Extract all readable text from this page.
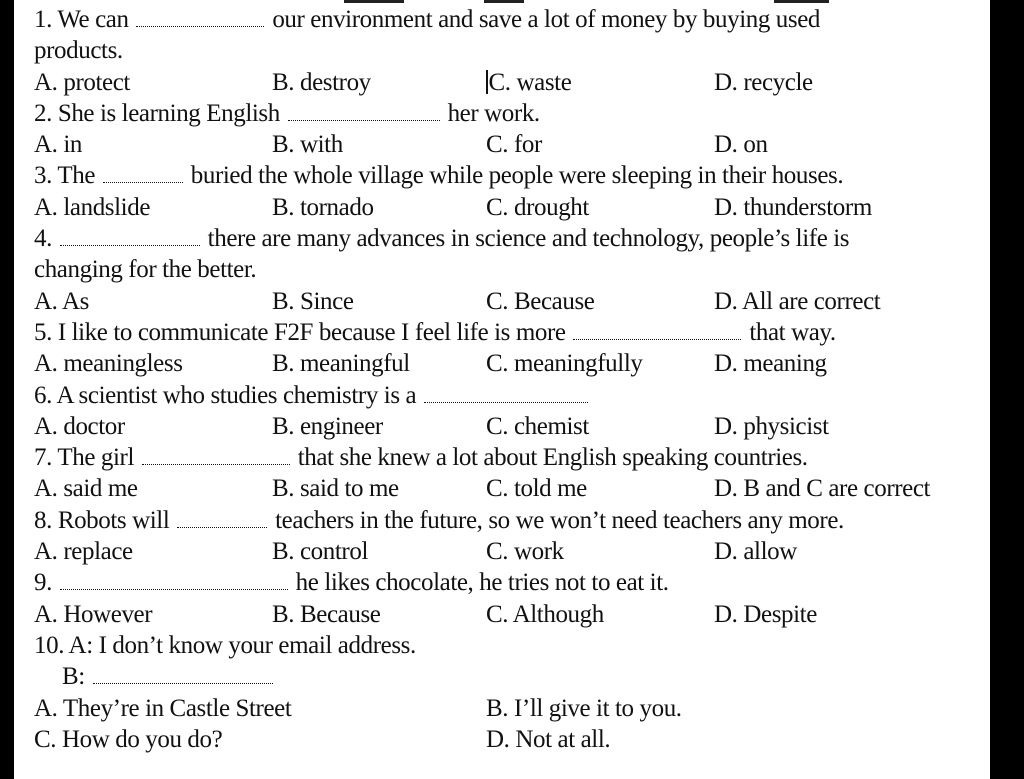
1. We can	our environment and save a lot of money by buying used
products.
A. protect	B. destroy	C. waste	D. recycle
2. She is learning English	her work.
A. in	B. with	C. for	D. on
3. The	buried the whole village while people were sleeping in their houses.
A. landslide	B. tornado	C. drought	D. thunderstorm
4.	there are many advances in science and technology, people’s life is
changing for the better.
A. As	B. Since	C. Because	D. All are correct
5. I like to communicate F2F because I feel life is more	that way.
A. meaningless	B. meaningful	C. meaningfully	D. meaning
6. A scientist who studies chemistry is a
A. doctor	B. engineer	C. chemist	D. physicist
7. The girl	that she knew a lot about English speaking countries.
A. said me	B. said to me	C. told me	D. B and C are correct
8. Robots will	teachers in the future, so we won’t need teachers any more.
A. replace	B. control	C. work	D. allow
9.	he likes chocolate, he tries not to eat it.
A. However	B. Because	C. Although	D. Despite
10. A: I don’t know your email address.
B:
A. They’re in Castle Street	B. I’ll give it to you.
C. How do you do?	D. Not at all.
